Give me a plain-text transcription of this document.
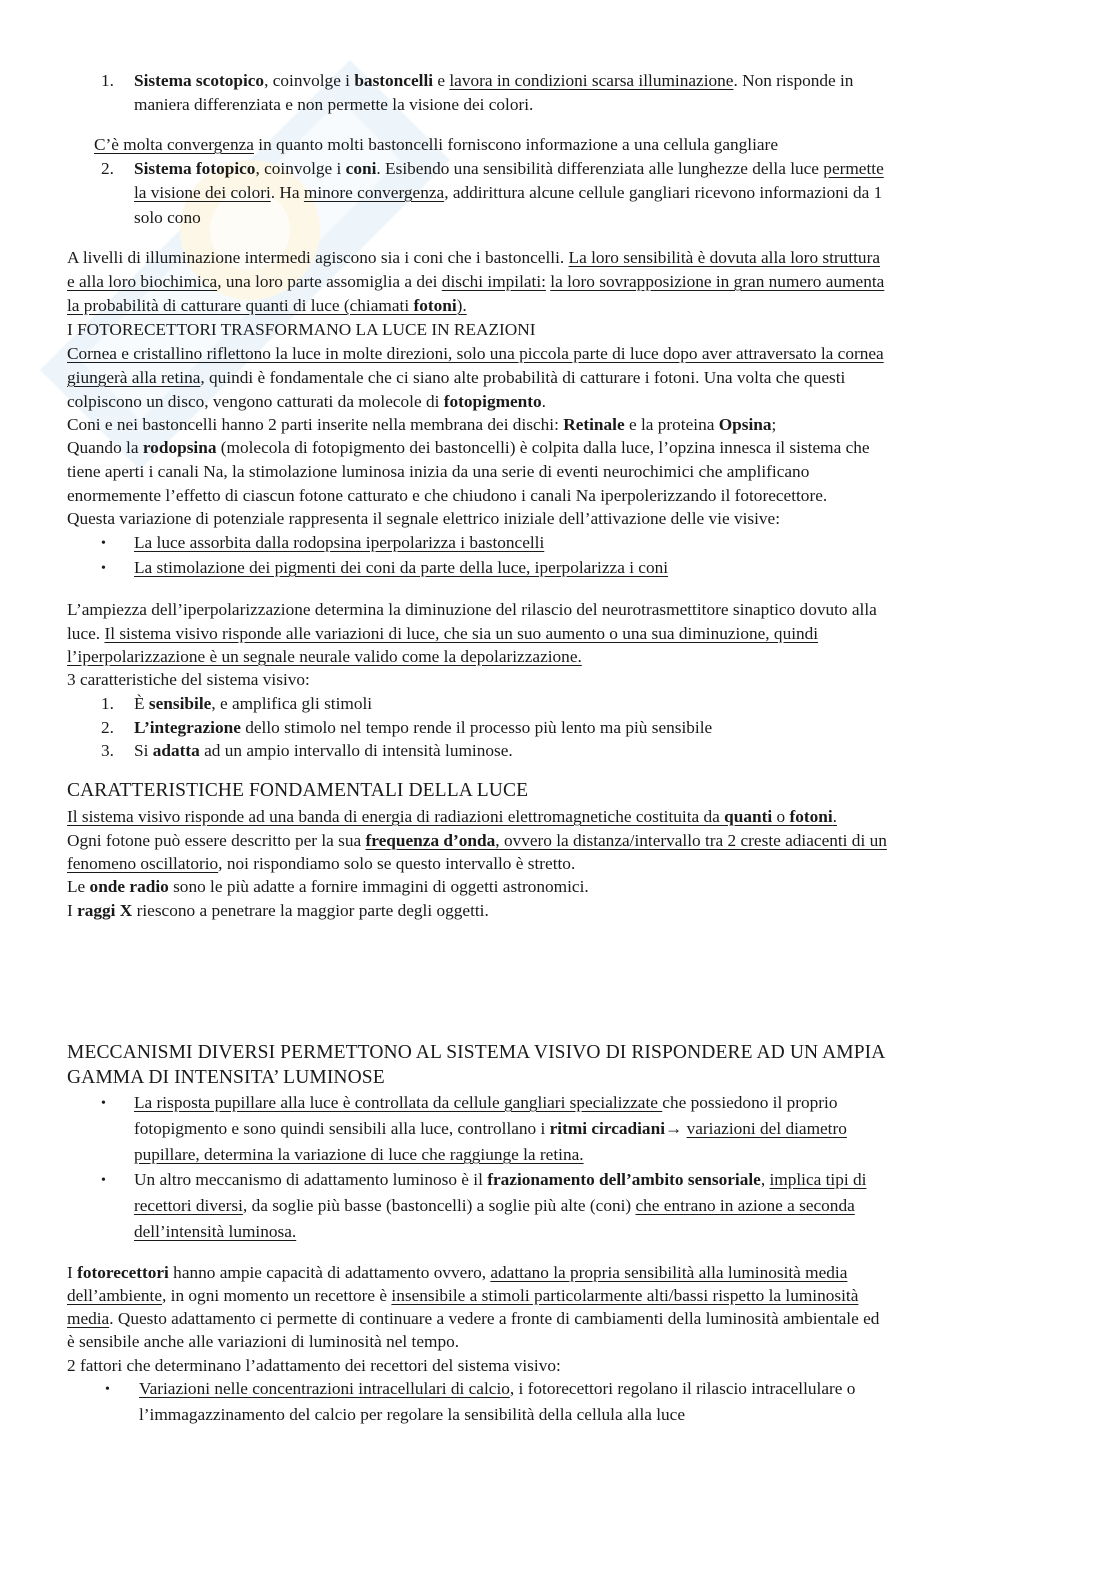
1. Sistema scotopico, coinvolge i bastoncelli e lavora in condizioni scarsa illuminazione. Non risponde in
maniera differenziata e non permette la visione dei colori.
C’è molta convergenza in quanto molti bastoncelli forniscono informazione a una cellula gangliare
2. Sistema fotopico, coinvolge i coni. Esibendo una sensibilità differenziata alle lunghezze della luce permette
la visione dei colori. Ha minore convergenza, addirittura alcune cellule gangliari ricevono informazioni da 1
solo cono
A livelli di illuminazione intermedi agiscono sia i coni che i bastoncelli. La loro sensibilità è dovuta alla loro struttura
e alla loro biochimica, una loro parte assomiglia a dei dischi impilati: la loro sovrapposizione in gran numero aumenta
la probabilità di catturare quanti di luce (chiamati fotoni).
I FOTORECETTORI TRASFORMANO LA LUCE IN REAZIONI
Cornea e cristallino riflettono la luce in molte direzioni, solo una piccola parte di luce dopo aver attraversato la cornea
giungerà alla retina, quindi è fondamentale che ci siano alte probabilità di catturare i fotoni. Una volta che questi
colpiscono un disco, vengono catturati da molecole di fotopigmento.
Coni e nei bastoncelli hanno 2 parti inserite nella membrana dei dischi: Retinale e la proteina Opsina;
Quando la rodopsina (molecola di fotopigmento dei bastoncelli) è colpita dalla luce, l’opzina innesca il sistema che
tiene aperti i canali Na, la stimolazione luminosa inizia da una serie di eventi neurochimici che amplificano
enormemente l’effetto di ciascun fotone catturato e che chiudono i canali Na iperpolerizzando il fotorecettore.
Questa variazione di potenziale rappresenta il segnale elettrico iniziale dell’attivazione delle vie visive:
• La luce assorbita dalla rodopsina iperpolarizza i bastoncelli
• La stimolazione dei pigmenti dei coni da parte della luce, iperpolarizza i coni
L’ampiezza dell’iperpolarizzazione determina la diminuzione del rilascio del neurotrasmettitore sinaptico dovuto alla
luce. Il sistema visivo risponde alle variazioni di luce, che sia un suo aumento o una sua diminuzione, quindi
l’iperpolarizzazione è un segnale neurale valido come la depolarizzazione.
3 caratteristiche del sistema visivo:
1. È sensibile, e amplifica gli stimoli
2. L’integrazione dello stimolo nel tempo rende il processo più lento ma più sensibile
3. Si adatta ad un ampio intervallo di intensità luminose.
CARATTERISTICHE FONDAMENTALI DELLA LUCE
Il sistema visivo risponde ad una banda di energia di radiazioni elettromagnetiche costituita da quanti o fotoni.
Ogni fotone può essere descritto per la sua frequenza d’onda, ovvero la distanza/intervallo tra 2 creste adiacenti di un
fenomeno oscillatorio, noi rispondiamo solo se questo intervallo è stretto.
Le onde radio sono le più adatte a fornire immagini di oggetti astronomici.
I raggi X riescono a penetrare la maggior parte degli oggetti.
MECCANISMI DIVERSI PERMETTONO AL SISTEMA VISIVO DI RISPONDERE AD UN AMPIA
GAMMA DI INTENSITA’ LUMINOSE
• La risposta pupillare alla luce è controllata da cellule gangliari specializzate che possiedono il proprio
fotopigmento e sono quindi sensibili alla luce, controllano i ritmi circadiani→ variazioni del diametro
pupillare, determina la variazione di luce che raggiunge la retina.
• Un altro meccanismo di adattamento luminoso è il frazionamento dell’ambito sensoriale, implica tipi di
recettori diversi, da soglie più basse (bastoncelli) a soglie più alte (coni) che entrano in azione a seconda
dell’intensità luminosa.
I fotorecettori hanno ampie capacità di adattamento ovvero, adattano la propria sensibilità alla luminosità media
dell’ambiente, in ogni momento un recettore è insensibile a stimoli particolarmente alti/bassi rispetto la luminosità
media. Questo adattamento ci permette di continuare a vedere a fronte di cambiamenti della luminosità ambientale ed
è sensibile anche alle variazioni di luminosità nel tempo.
2 fattori che determinano l’adattamento dei recettori del sistema visivo:
• Variazioni nelle concentrazioni intracellulari di calcio, i fotorecettori regolano il rilascio intracellulare o
l’immagazzinamento del calcio per regolare la sensibilità della cellula alla luce
